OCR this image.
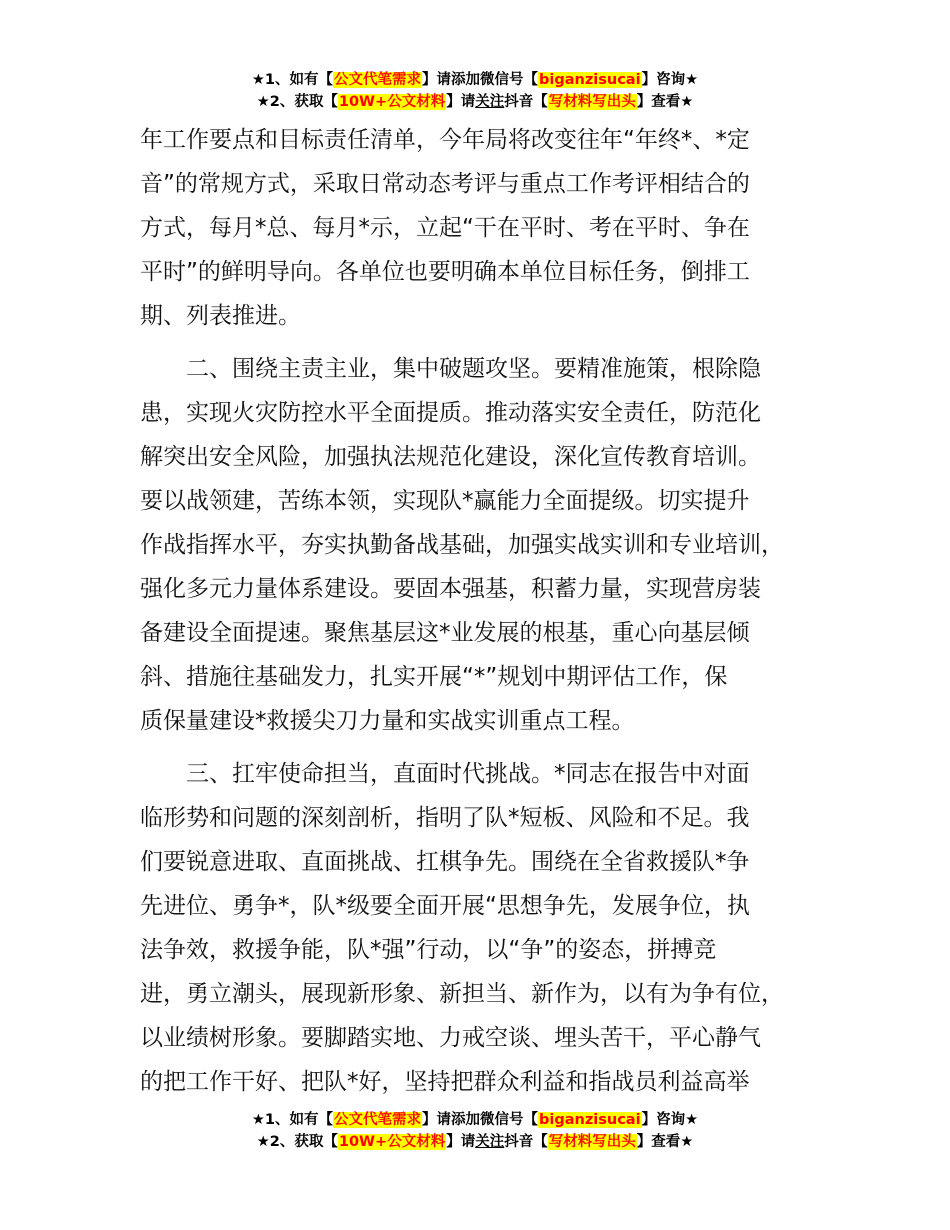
★1、如有【公文代笔需求】请添加微信号【biganzisucai】咨询★
★2、获取【10W+公文材料】请关注抖音【写材料写出头】查看★
年工作要点和目标责任清单，今年局将改变往年“年终*、*定
音”的常规方式，采取日常动态考评与重点工作考评相结合的
方式，每月*总、每月*示，立起“干在平时、考在平时、争在
平时”的鲜明导向。各单位也要明确本单位目标任务，倒排工
期、列表推进。
二、围绕主责主业，集中破题攻坚。要精准施策，根除隐
患，实现火灾防控水平全面提质。推动落实安全责任，防范化
解突出安全风险，加强执法规范化建设，深化宣传教育培训。
要以战领建，苦练本领，实现队*赢能力全面提级。切实提升
作战指挥水平，夯实执勤备战基础，加强实战实训和专业培训，
强化多元力量体系建设。要固本强基，积蓄力量，实现营房装
备建设全面提速。聚焦基层这*业发展的根基，重心向基层倾
斜、措施往基础发力，扎实开展“*”规划中期评估工作，保
质保量建设*救援尖刀力量和实战实训重点工程。
三、扛牢使命担当，直面时代挑战。*同志在报告中对面
临形势和问题的深刻剖析，指明了队*短板、风险和不足。我
们要锐意进取、直面挑战、扛棋争先。围绕在全省救援队*争
先进位、勇争*，队*级要全面开展“思想争先，发展争位，执
法争效，救援争能，队*强”行动，以“争”的姿态，拼搏竞
进，勇立潮头，展现新形象、新担当、新作为，以有为争有位，
以业绩树形象。要脚踏实地、力戒空谈、埋头苦干，平心静气
的把工作干好、把队*好，坚持把群众利益和指战员利益高举
★1、如有【公文代笔需求】请添加微信号【biganzisucai】咨询★
★2、获取【10W+公文材料】请关注抖音【写材料写出头】查看★
